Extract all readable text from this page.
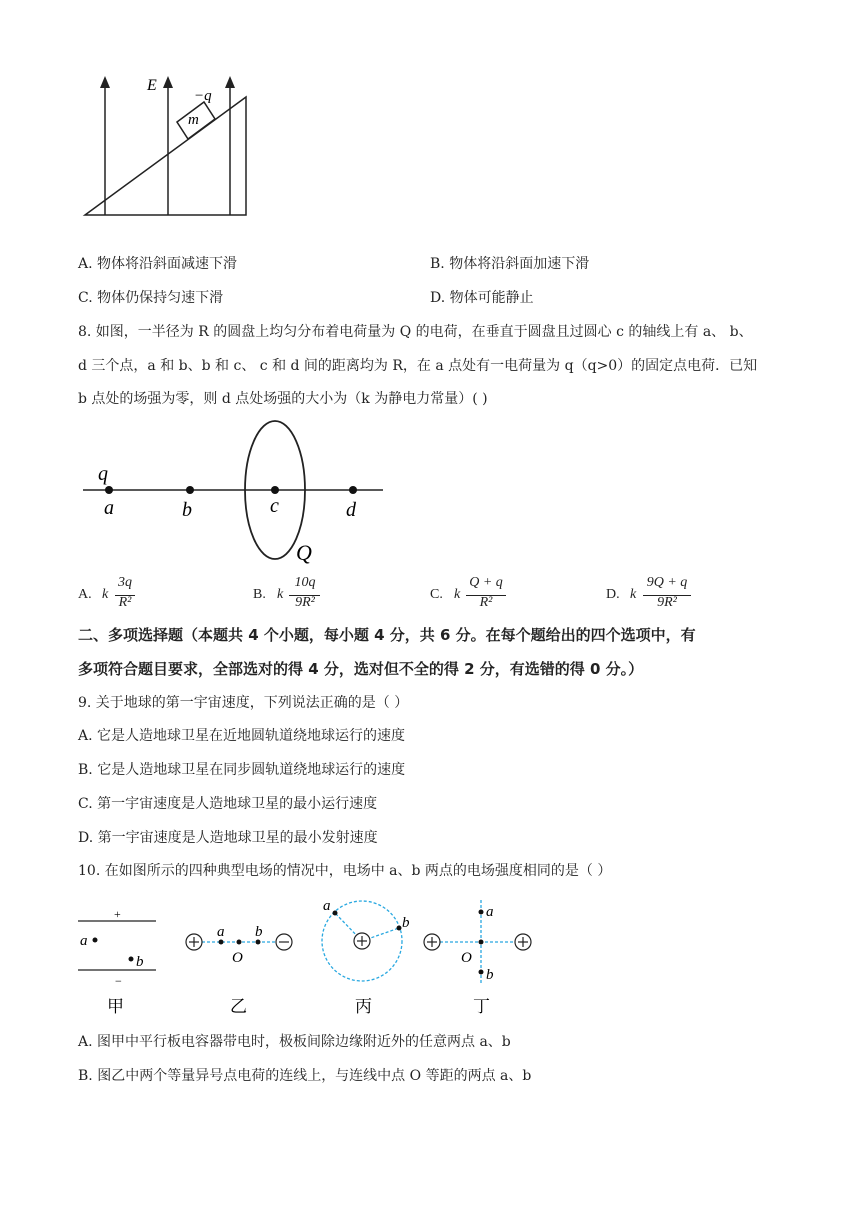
m
E
−q
A. 物体将沿斜面减速下滑	B. 物体将沿斜面加速下滑
C. 物体仍保持匀速下滑	D. 物体可能静止
8. 如图，一半径为 R 的圆盘上均匀分布着电荷量为 Q 的电荷，在垂直于圆盘且过圆心 c 的轴线上有 a、 b、
d 三个点，a 和 b、b 和 c、 c 和 d 间的距离均为 R，在 a 点处有一电荷量为 q（q>0）的固定点电荷．已知
b 点处的场强为零，则 d 点处场强的大小为（k 为静电力常量）( )
q
a	b	c	d
Q
A. k
3q
R²
B. k
10q
9R²
C. k
Q + q
R²
D. k
9Q + q
9R²
二、多项选择题（本题共 4 个小题，每小题 4 分，共 6 分。在每个题给出的四个选项中，有
多项符合题目要求，全部选对的得 4 分，选对但不全的得 2 分，有选错的得 0 分。）
9. 关于地球的第一宇宙速度，下列说法正确的是（ ）
A. 它是人造地球卫星在近地圆轨道绕地球运行的速度
B. 它是人造地球卫星在同步圆轨道绕地球运行的速度
C. 第一宇宙速度是人造地球卫星的最小运行速度
D. 第一宇宙速度是人造地球卫星的最小发射速度
10. 在如图所示的四种典型电场的情况中，电场中 a、b 两点的电场强度相同的是（ ）
+
−
a
b
甲
a b
O
乙
a
b
丙
a
O
b
丁
A. 图甲中平行板电容器带电时，极板间除边缘附近外的任意两点 a、b
B. 图乙中两个等量异号点电荷的连线上，与连线中点 O 等距的两点 a、b
